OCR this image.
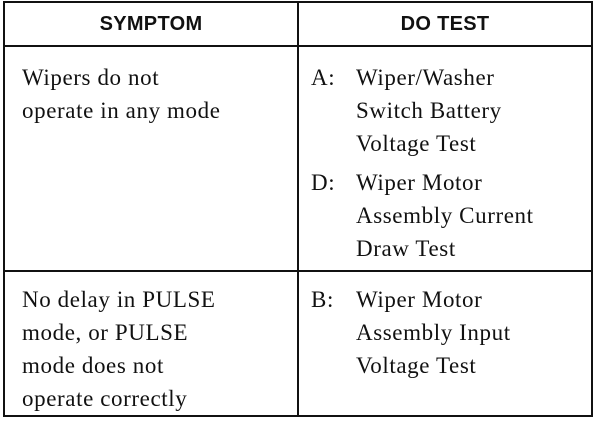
SYMPTOM	DO TEST
Wipers do not
operate in any mode
A: Wiper/Washer
Switch Battery
Voltage Test
D: Wiper Motor
Assembly Current
Draw Test
No delay in PULSE
mode, or PULSE
mode does not
operate correctly
B: Wiper Motor
Assembly Input
Voltage Test
